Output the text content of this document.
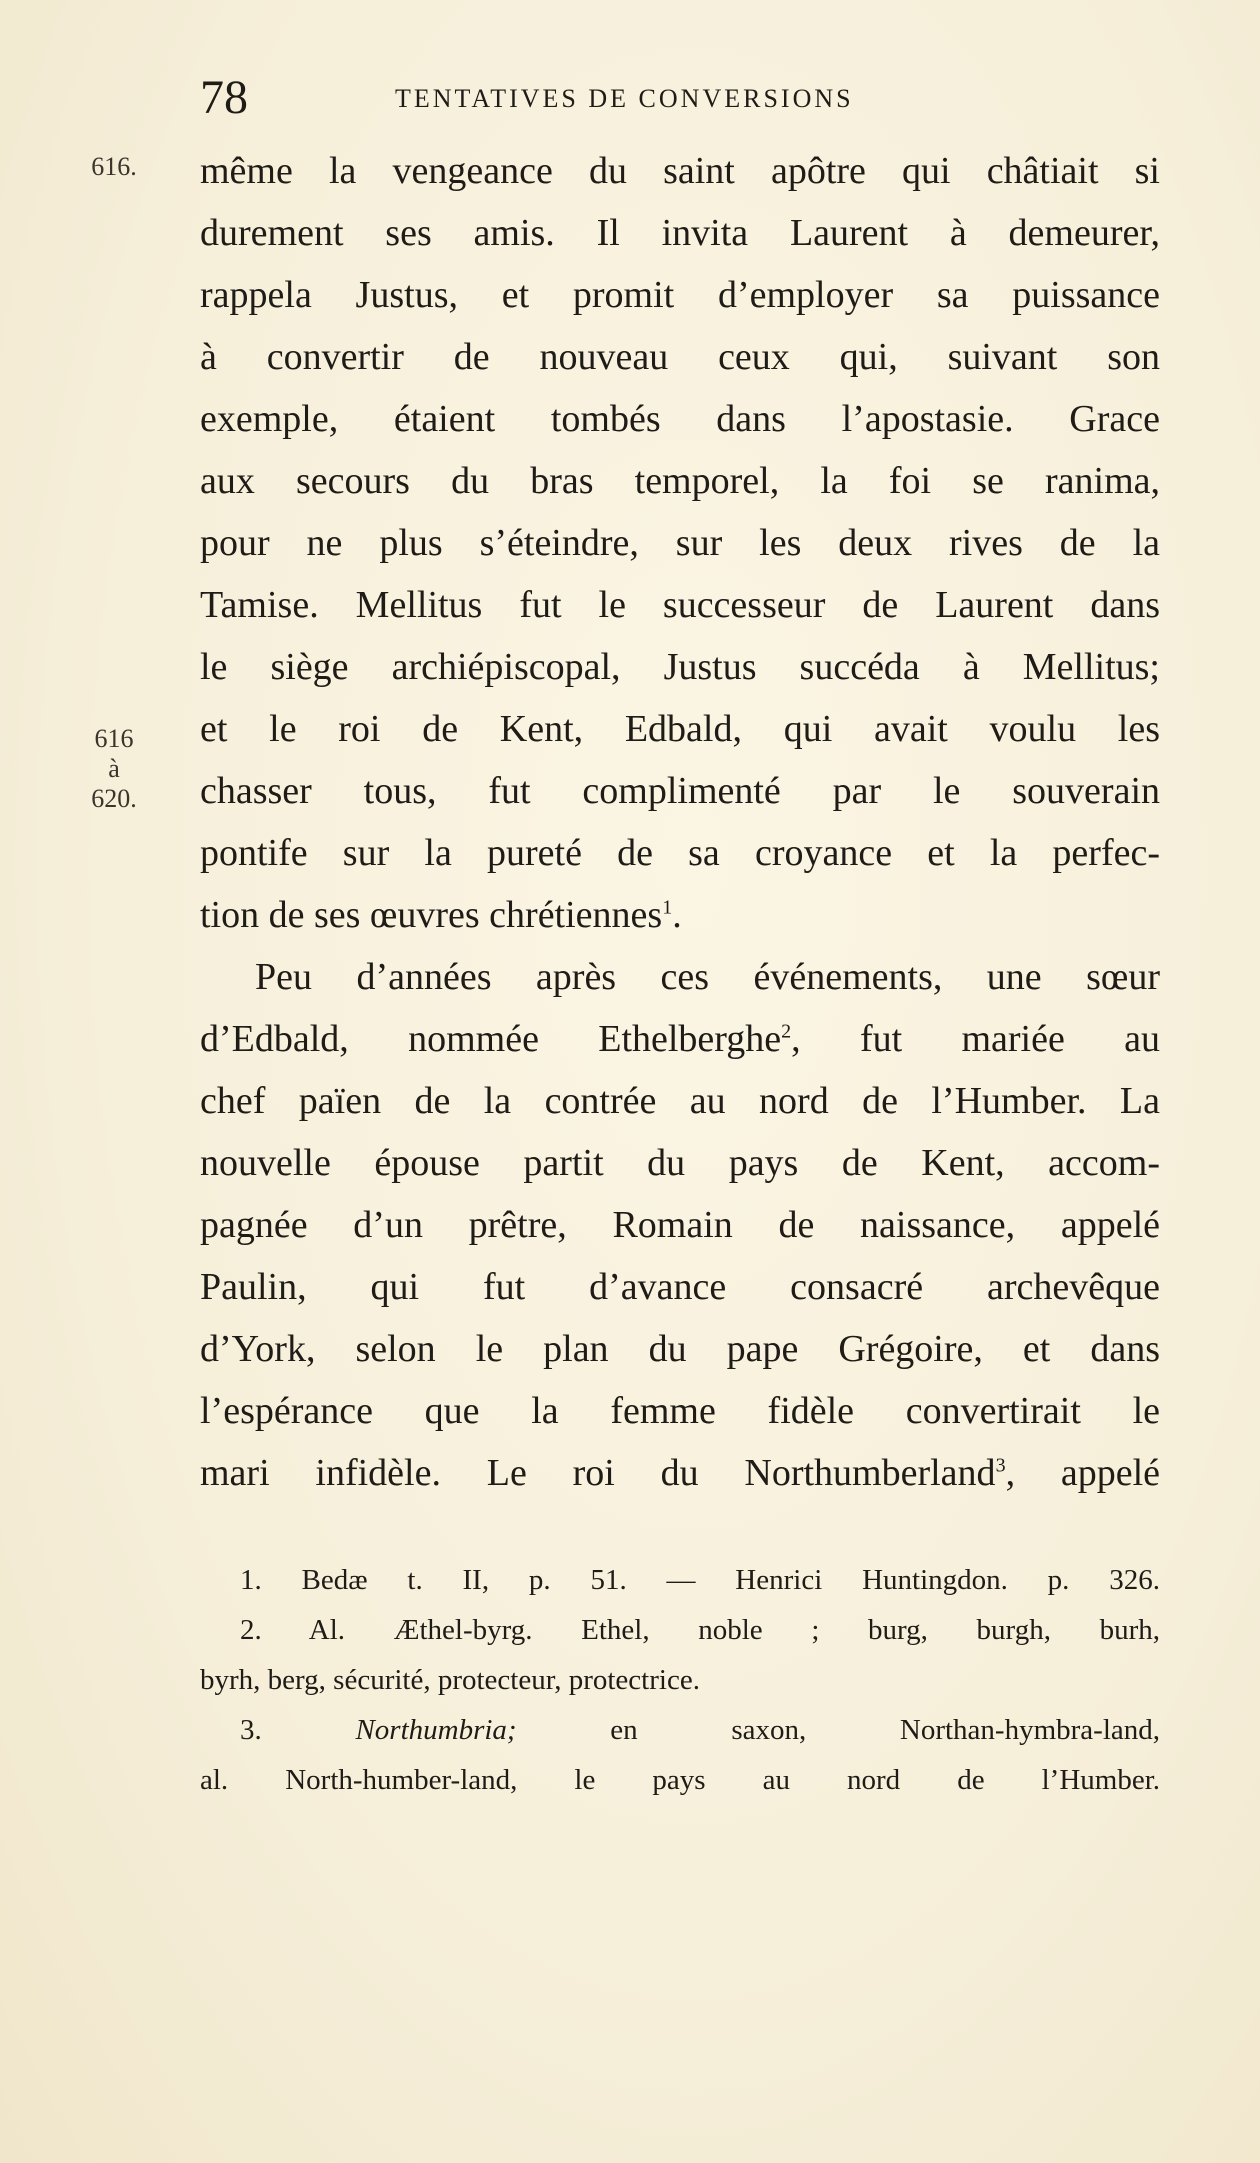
78	TENTATIVES DE CONVERSIONS
616.
616
à
620.
même la vengeance du saint apôtre qui châtiait si
durement ses amis. Il invita Laurent à demeurer,
rappela Justus, et promit d’employer sa puissance
à convertir de nouveau ceux qui, suivant son
exemple, étaient tombés dans l’apostasie. Grace
aux secours du bras temporel, la foi se ranima,
pour ne plus s’éteindre, sur les deux rives de la
Tamise. Mellitus fut le successeur de Laurent dans
le siège archiépiscopal, Justus succéda à Mellitus;
et le roi de Kent, Edbald, qui avait voulu les
chasser tous, fut complimenté par le souverain
pontife sur la pureté de sa croyance et la perfec-
tion de ses œuvres chrétiennes$^1$.
Peu d’années après ces événements, une sœur
d’Edbald, nommée Ethelberghe$^2$, fut mariée au
chef païen de la contrée au nord de l’Humber. La
nouvelle épouse partit du pays de Kent, accom-
pagnée d’un prêtre, Romain de naissance, appelé
Paulin, qui fut d’avance consacré archevêque
d’York, selon le plan du pape Grégoire, et dans
l’espérance que la femme fidèle convertirait le
mari infidèle. Le roi du Northumberland$^3$, appelé
1. Bedæ t. II, p. 51. — Henrici Huntingdon. p. 326.
2. Al. Æthel-byrg. Ethel, noble ; burg, burgh, burh,
byrh, berg, sécurité, protecteur, protectrice.
3.	Northumbria;	en saxon, Northan-hymbra-land,
al. North-humber-land, le pays au nord de l’Humber.
